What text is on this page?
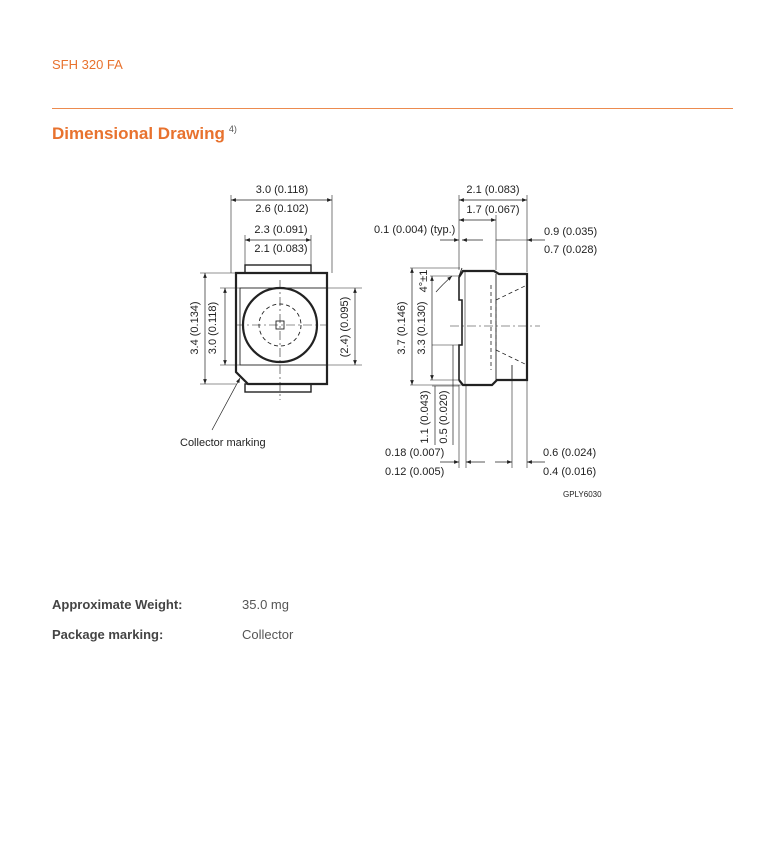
SFH 320 FA
Dimensional Drawing $^{4)}$
3.0 (0.118)
2.6 (0.102)
2.3 (0.091)
2.1 (0.083)
3.4 (0.134) 3.0 (0.118)	(2.4) (0.095)
Collector marking
2.1 (0.083)
1.7 (0.067)
0.1 (0.004) (typ.)	0.9 (0.035)
0.7 (0.028)
4°±1
3.7 (0.146) 3.3 (0.130)
1.1 (0.043) 0.5 (0.020)
0.18 (0.007)
0.12 (0.005)
0.6 (0.024)
0.4 (0.016)
GPLY6030
Approximate Weight:	35.0 mg
Package marking:	Collector
